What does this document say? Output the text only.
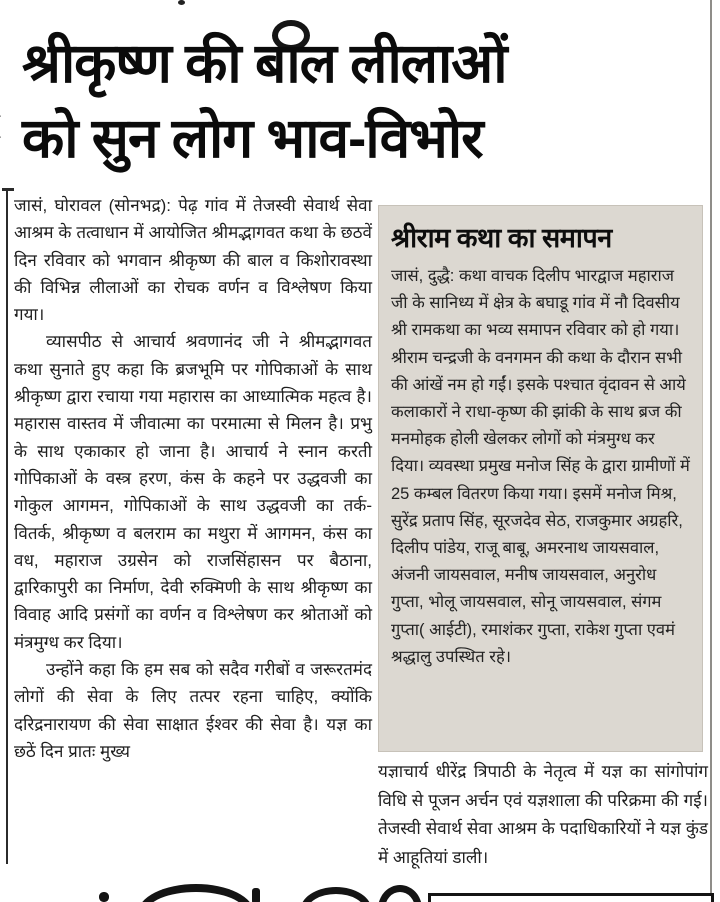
श्रीकृष्ण की बाल लीलाओं
को सुन लोग भाव-विभोर

जासं, घोरावल (सोनभद्र): पेढ़ गांव में तेजस्वी सेवार्थ सेवा आश्रम के तत्वाधान में आयोजित श्रीमद्भागवत कथा के छठवें दिन रविवार को भगवान श्रीकृष्ण की बाल व किशोरावस्था की विभिन्न लीलाओं का रोचक वर्णन व विश्लेषण किया गया।

व्यासपीठ से आचार्य श्रवणानंद जी ने श्रीमद्भागवत कथा सुनाते हुए कहा कि ब्रजभूमि पर गोपिकाओं के साथ श्रीकृष्ण द्वारा रचाया गया महारास का आध्यात्मिक महत्व है। महारास वास्तव में जीवात्मा का परमात्मा से मिलन है। प्रभु के साथ एकाकार हो जाना है। आचार्य ने स्नान करती गोपिकाओं के वस्त्र हरण, कंस के कहने पर उद्धवजी का गोकुल आगमन, गोपिकाओं के साथ उद्धवजी का तर्क-वितर्क, श्रीकृष्ण व बलराम का मथुरा में आगमन, कंस का वध, महाराज उग्रसेन को राजसिंहासन पर बैठाना, द्वारिकापुरी का निर्माण, देवी रुक्मिणी के साथ श्रीकृष्ण का विवाह आदि प्रसंगों का वर्णन व विश्लेषण कर श्रोताओं को मंत्रमुग्ध कर दिया।

उन्होंने कहा कि हम सब को सदैव गरीबों व जरूरतमंद लोगों की सेवा के लिए तत्पर रहना चाहिए, क्योंकि दरिद्रनारायण की सेवा साक्षात ईश्वर की सेवा है। यज्ञ का छठें दिन प्रातः मुख्य

श्रीराम कथा का समापन

जासं, दुद्धै: कथा वाचक दिलीप भारद्वाज महाराज जी के सानिध्य में क्षेत्र के बघाडू गांव में नौ दिवसीय श्री रामकथा का भव्य समापन रविवार को हो गया। श्रीराम चन्द्रजी के वनगमन की कथा के दौरान सभी की आंखें नम हो गईं। इसके पश्चात वृंदावन से आये कलाकारों ने राधा-कृष्ण की झांकी के साथ ब्रज की मनमोहक होली खेलकर लोगों को मंत्रमुग्ध कर दिया। व्यवस्था प्रमुख मनोज सिंह के द्वारा ग्रामीणों में 25 कम्बल वितरण किया गया। इसमें मनोज मिश्र, सुरेंद्र प्रताप सिंह, सूरजदेव सेठ, राजकुमार अग्रहरि, दिलीप पांडेय, राजू बाबू, अमरनाथ जायसवाल, अंजनी जायसवाल, मनीष जायसवाल, अनुरोध गुप्ता, भोलू जायसवाल, सोनू जायसवाल, संगम गुप्ता( आईटी), रमाशंकर गुप्ता, राकेश गुप्ता एवमं श्रद्धालु उपस्थित रहे।

यज्ञाचार्य धीरेंद्र त्रिपाठी के नेतृत्व में यज्ञ का सांगोपांग विधि से पूजन अर्चन एवं यज्ञशाला की परिक्रमा की गई। तेजस्वी सेवार्थ सेवा आश्रम के पदाधिकारियों ने यज्ञ कुंड में आहूतियां डाली।
